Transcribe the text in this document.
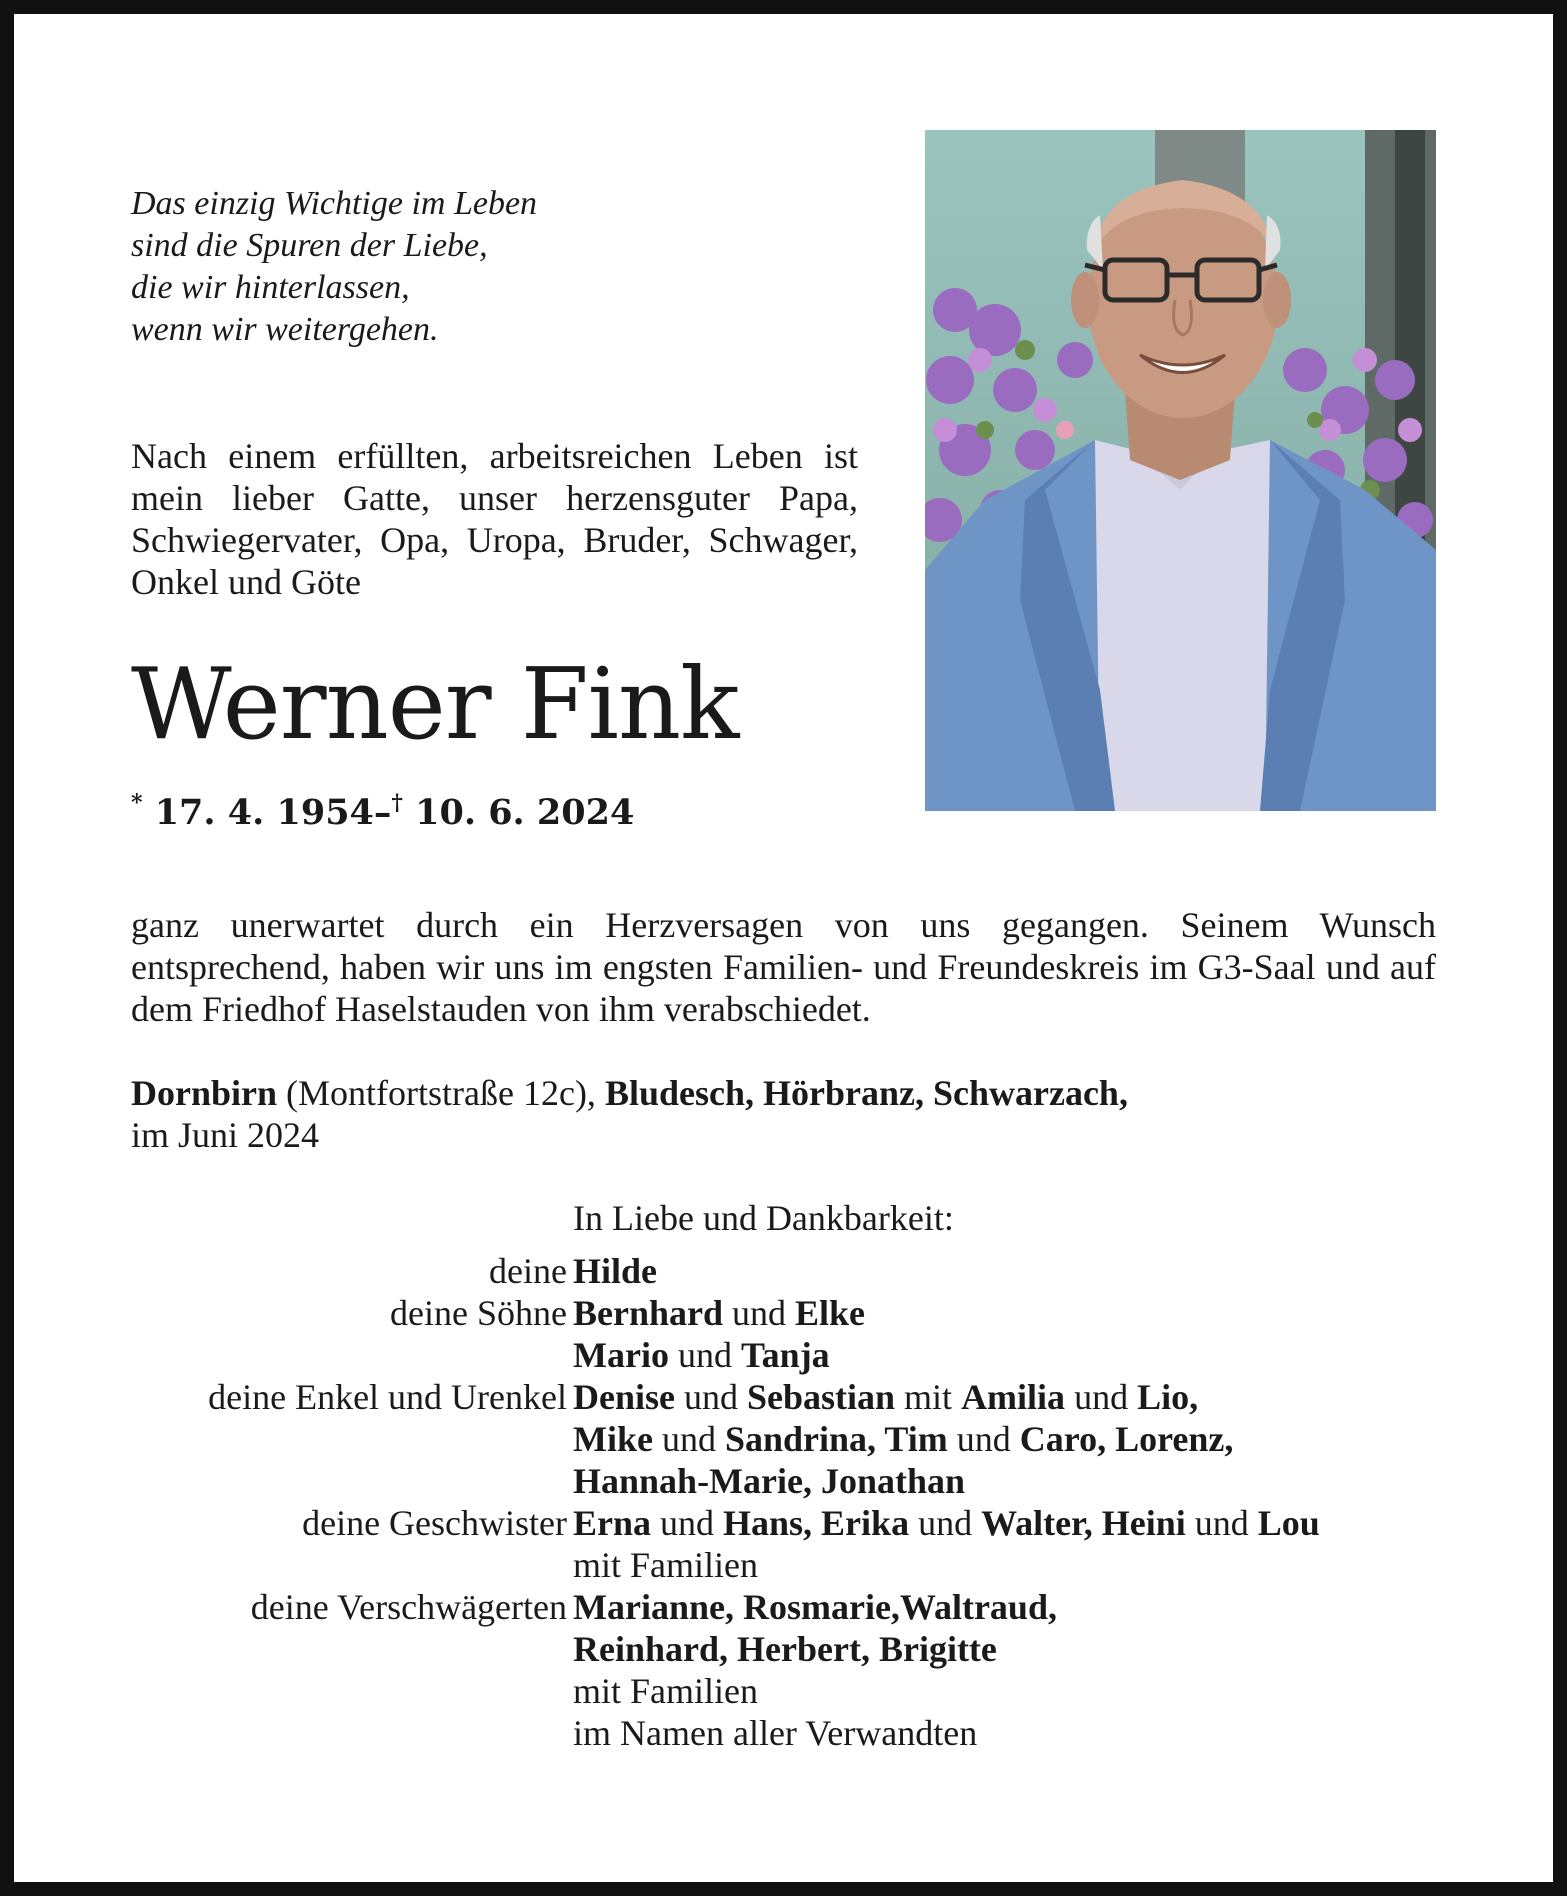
Das einzig Wichtige im Leben
sind die Spuren der Liebe,
die wir hinterlassen,
wenn wir weitergehen.
Nach einem erfüllten, arbeitsreichen Leben ist mein lieber Gatte, unser herzensguter Papa, Schwiegervater, Opa, Uropa, Bruder, Schwager, Onkel und Göte
Werner Fink
* 17. 4. 1954–† 10. 6. 2024
ganz unerwartet durch ein Herzversagen von uns gegangen. Seinem Wunsch entsprechend, haben wir uns im engsten Familien- und Freundeskreis im G3-Saal und auf dem Friedhof Haselstauden von ihm verabschiedet.
Dornbirn (Montfortstraße 12c), Bludesch, Hörbranz, Schwarzach,
im Juni 2024
In Liebe und Dankbarkeit:
deine Hilde
deine Söhne Bernhard und Elke
Mario und Tanja
deine Enkel und Urenkel Denise und Sebastian mit Amilia und Lio,
Mike und Sandrina, Tim und Caro, Lorenz,
Hannah-Marie, Jonathan
deine Geschwister Erna und Hans, Erika und Walter, Heini und Lou
mit Familien
deine Verschwägerten Marianne, Rosmarie,Waltraud,
Reinhard, Herbert, Brigitte
mit Familien
im Namen aller Verwandten
